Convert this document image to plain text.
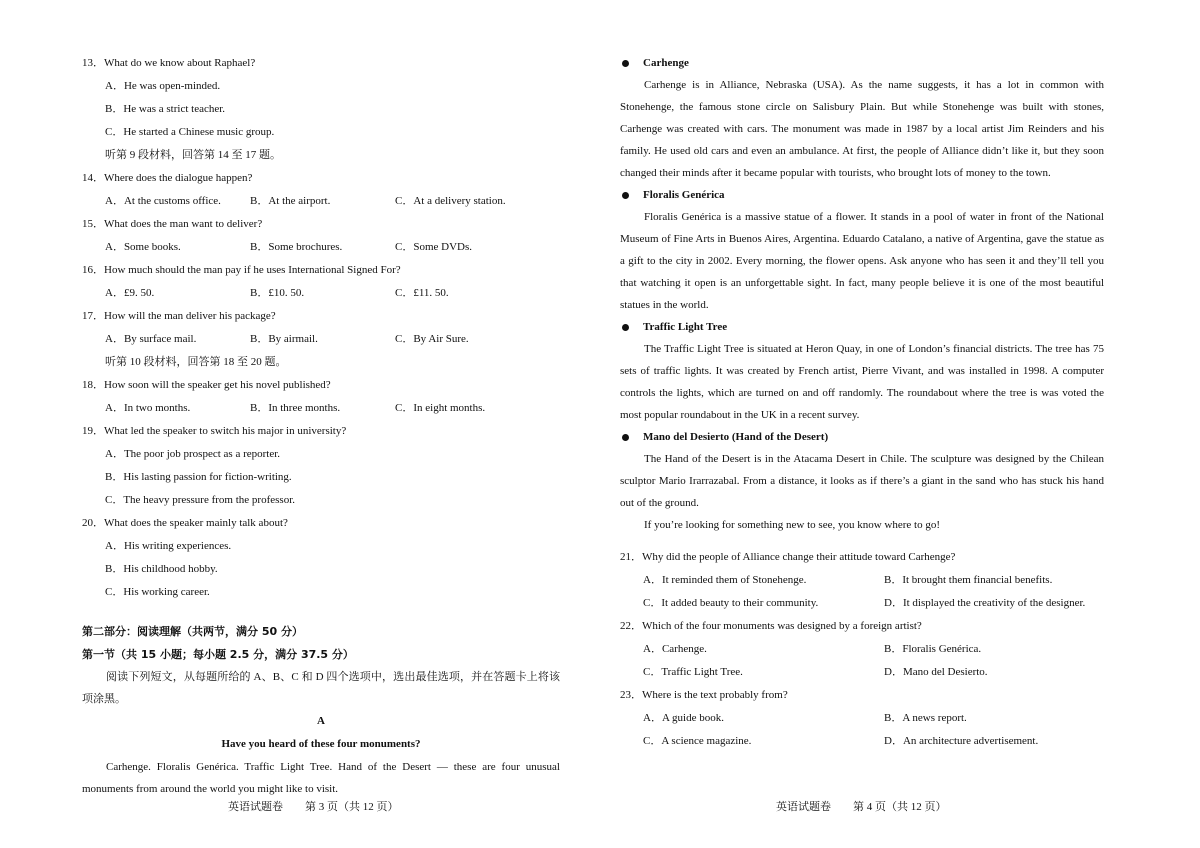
13．What do we know about Raphael?
A．He was open-minded.
B．He was a strict teacher.
C．He started a Chinese music group.
听第 9 段材料，回答第 14 至 17 题。
14．Where does the dialogue happen?
A．At the customs office.	B．At the airport.	C．At a delivery station.
15．What does the man want to deliver?
A．Some books.	B．Some brochures.	C．Some DVDs.
16．How much should the man pay if he uses International Signed For?
A．£9. 50.	B．£10. 50.	C．£11. 50.
17．How will the man deliver his package?
A．By surface mail.	B．By airmail.	C．By Air Sure.
听第 10 段材料，回答第 18 至 20 题。
18．How soon will the speaker get his novel published?
A．In two months.	B．In three months.	C．In eight months.
19．What led the speaker to switch his major in university?
A．The poor job prospect as a reporter.
B．His lasting passion for fiction-writing.
C．The heavy pressure from the professor.
20．What does the speaker mainly talk about?
A．His writing experiences.
B．His childhood hobby.
C．His working career.
第二部分：阅读理解（共两节，满分 50 分）
第一节（共 15 小题；每小题 2.5 分，满分 37.5 分）

阅读下列短文，从每题所给的 A、B、C 和 D 四个选项中，选出最佳选项，并在答题卡上将该项涂黑。

A
Have you heard of these four monuments?

Carhenge. Floralis Genérica. Traffic Light Tree. Hand of the Desert — these are four unusual monuments from around the world you might like to visit.

英语试题卷　　第 3 页（共 12 页）
Carhenge

Carhenge is in Alliance, Nebraska (USA). As the name suggests, it has a lot in common with Stonehenge, the famous stone circle on Salisbury Plain. But while Stonehenge was built with stones, Carhenge was created with cars. The monument was made in 1987 by a local artist Jim Reinders and his family. He used old cars and even an ambulance. At first, the people of Alliance didn’t like it, but they soon changed their minds after it became popular with tourists, who brought lots of money to the town.

Floralis Genérica

Floralis Genérica is a massive statue of a flower. It stands in a pool of water in front of the National Museum of Fine Arts in Buenos Aires, Argentina. Eduardo Catalano, a native of Argentina, gave the statue as a gift to the city in 2002. Every morning, the flower opens. Ask anyone who has seen it and they’ll tell you that watching it open is an unforgettable sight. In fact, many people believe it is one of the most beautiful statues in the world.

Traffic Light Tree

The Traffic Light Tree is situated at Heron Quay, in one of London’s financial districts. The tree has 75 sets of traffic lights. It was created by French artist, Pierre Vivant, and was installed in 1998. A computer controls the lights, which are turned on and off randomly. The roundabout where the tree is was voted the most popular roundabout in the UK in a recent survey.

Mano del Desierto (Hand of the Desert)

The Hand of the Desert is in the Atacama Desert in Chile. The sculpture was designed by the Chilean sculptor Mario Irarrazabal. From a distance, it looks as if there’s a giant in the sand who has stuck his hand out of the ground.

If you’re looking for something new to see, you know where to go!

21．Why did the people of Alliance change their attitude toward Carhenge?
A．It reminded them of Stonehenge.	B．It brought them financial benefits.
C．It added beauty to their community.	D．It displayed the creativity of the designer.
22．Which of the four monuments was designed by a foreign artist?
A．Carhenge.	B．Floralis Genérica.
C．Traffic Light Tree.	D．Mano del Desierto.
23．Where is the text probably from?
A．A guide book.	B．A news report.
C．A science magazine.	D．An architecture advertisement.
英语试题卷　　第 4 页（共 12 页）
